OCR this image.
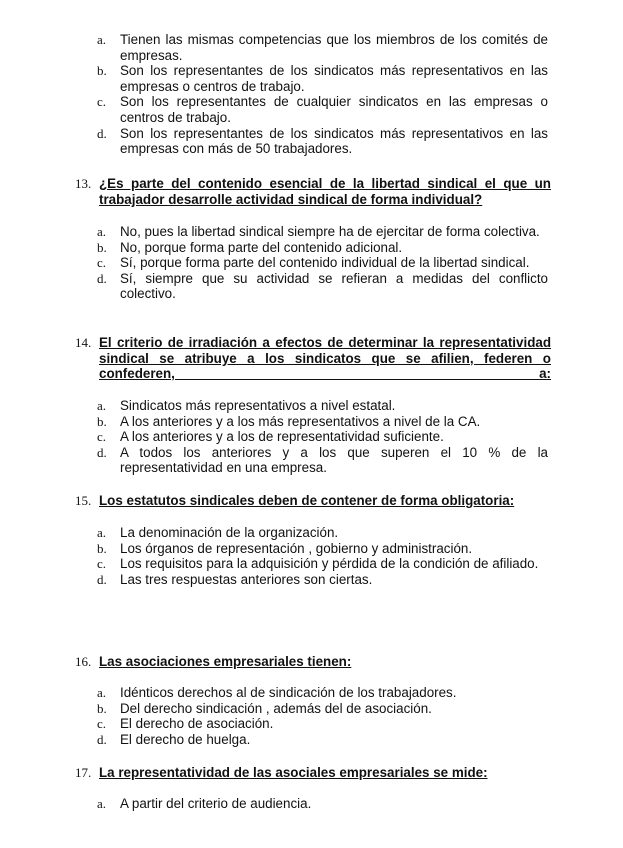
a. Tienen las mismas competencias que los miembros de los comités de empresas.
b. Son los representantes de los sindicatos más representativos en las empresas o centros de trabajo.
c. Son los representantes de cualquier sindicatos en las empresas o centros de trabajo.
d. Son los representantes de los sindicatos más representativos en las empresas con más de 50 trabajadores.
13. ¿Es parte del contenido esencial de la libertad sindical el que un trabajador desarrolle actividad sindical de forma individual?
a. No, pues la libertad sindical siempre ha de ejercitar de forma colectiva.
b. No, porque forma parte del contenido adicional.
c. Sí, porque forma parte del contenido individual de la libertad sindical.
d. Sí, siempre que su actividad se refieran a medidas del conflicto colectivo.
14. El criterio de irradiación a efectos de determinar la representatividad sindical se atribuye a los sindicatos que se afilien, federen o confederen, a:
a. Sindicatos más representativos a nivel estatal.
b. A los anteriores y a los más representativos a nivel de la CA.
c. A los anteriores y a los de representatividad suficiente.
d. A todos los anteriores y a los que superen el 10 % de la representatividad en una empresa.
15. Los estatutos sindicales deben de contener de forma obligatoria:
a. La denominación de la organización.
b. Los órganos de representación , gobierno y administración.
c. Los requisitos para la adquisición y pérdida de la condición de afiliado.
d. Las tres respuestas anteriores son ciertas.
16. Las asociaciones empresariales tienen:
a. Idénticos derechos al de sindicación de los trabajadores.
b. Del derecho sindicación , además del de asociación.
c. El derecho de asociación.
d. El derecho de huelga.
17. La representatividad de las asociales empresariales se mide:
a. A partir del criterio de audiencia.
